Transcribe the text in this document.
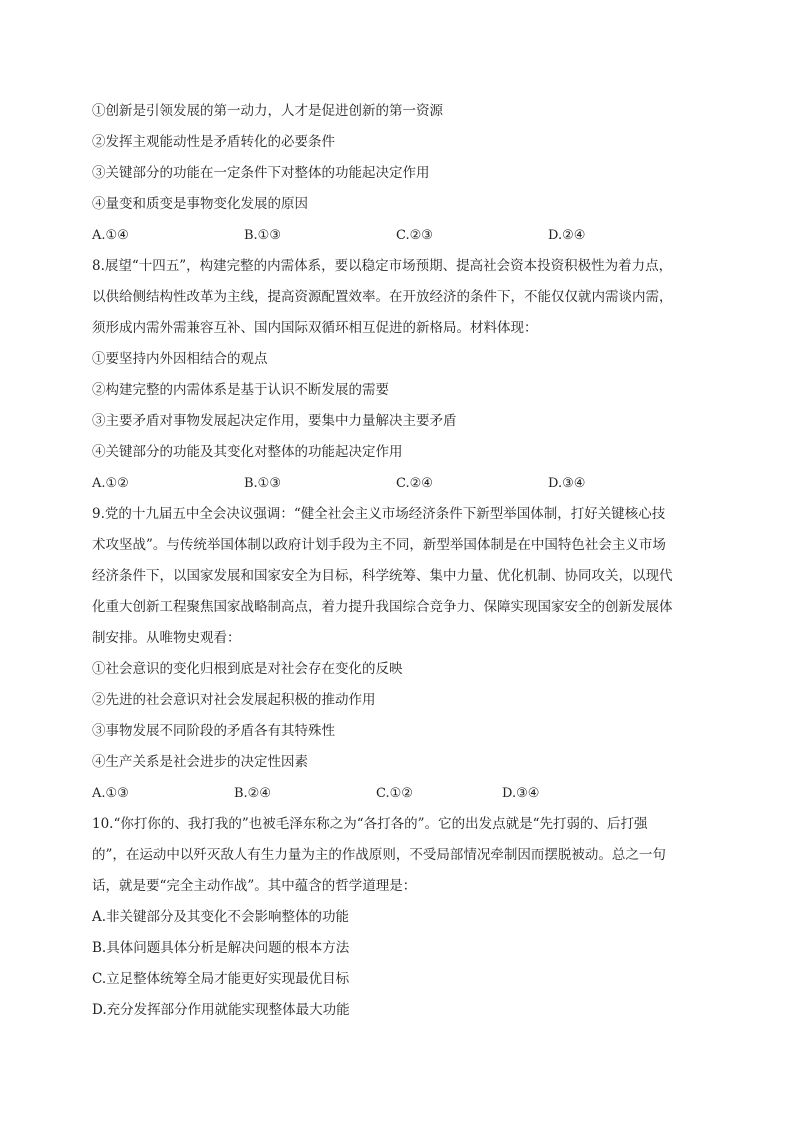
①创新是引领发展的第一动力，人才是促进创新的第一资源
②发挥主观能动性是矛盾转化的必要条件
③关键部分的功能在一定条件下对整体的功能起决定作用
④量变和质变是事物变化发展的原因
A.①④	B.①③	C.②③	D.②④
8.展望“十四五”，构建完整的内需体系，要以稳定市场预期、提高社会资本投资积极性为着力点，
以供给侧结构性改革为主线，提高资源配置效率。在开放经济的条件下，不能仅仅就内需谈内需，
须形成内需外需兼容互补、国内国际双循环相互促进的新格局。材料体现：
①要坚持内外因相结合的观点
②构建完整的内需体系是基于认识不断发展的需要
③主要矛盾对事物发展起决定作用，要集中力量解决主要矛盾
④关键部分的功能及其变化对整体的功能起决定作用
A.①②	B.①③	C.②④	D.③④
9.党的十九届五中全会决议强调：“健全社会主义市场经济条件下新型举国体制，打好关键核心技
术攻坚战”。与传统举国体制以政府计划手段为主不同，新型举国体制是在中国特色社会主义市场
经济条件下，以国家发展和国家安全为目标，科学统筹、集中力量、优化机制、协同攻关，以现代
化重大创新工程聚焦国家战略制高点，着力提升我国综合竞争力、保障实现国家安全的创新发展体
制安排。从唯物史观看：
①社会意识的变化归根到底是对社会存在变化的反映
②先进的社会意识对社会发展起积极的推动作用
③事物发展不同阶段的矛盾各有其特殊性
④生产关系是社会进步的决定性因素
A.①③	B.②④	C.①②	D.③④
10.“你打你的、我打我的”也被毛泽东称之为“各打各的”。它的出发点就是“先打弱的、后打强
的”，在运动中以歼灭敌人有生力量为主的作战原则，不受局部情况牵制因而摆脱被动。总之一句
话，就是要“完全主动作战”。其中蕴含的哲学道理是：
A.非关键部分及其变化不会影响整体的功能
B.具体问题具体分析是解决问题的根本方法
C.立足整体统筹全局才能更好实现最优目标
D.充分发挥部分作用就能实现整体最大功能
